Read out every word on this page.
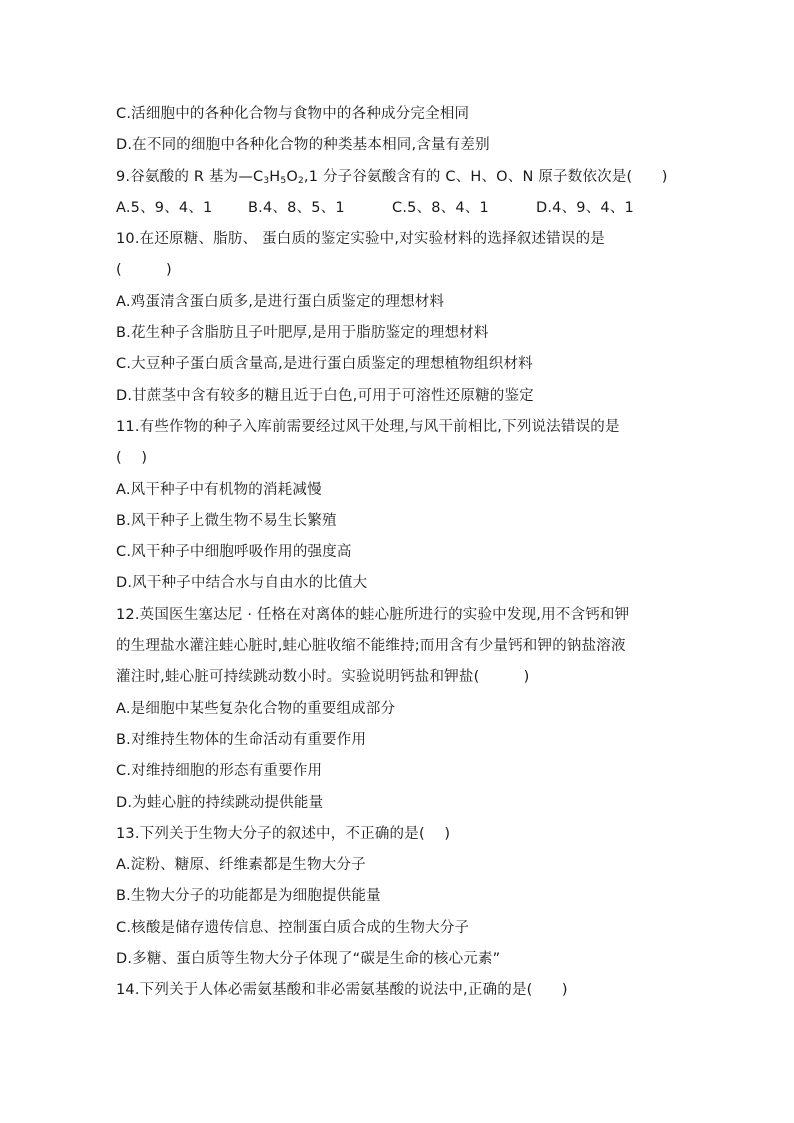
C.活细胞中的各种化合物与食物中的各种成分完全相同
D.在不同的细胞中各种化合物的种类基本相同,含量有差别
9.谷氨酸的 R 基为$—C_3H_5O_2,1$ 分子谷氨酸含有的 C、H、O、N 原子数依次是(　　)
A.5、9、4、1	B.4、8、5、1	C.5、8、4、1	D.4、9、4、1
10.在还原糖、脂肪、 蛋白质的鉴定实验中,对实验材料的选择叙述错误的是
(　　　)
A.鸡蛋清含蛋白质多,是进行蛋白质鉴定的理想材料
B.花生种子含脂肪且子叶肥厚,是用于脂肪鉴定的理想材料
C.大豆种子蛋白质含量高,是进行蛋白质鉴定的理想植物组织材料
D.甘蔗茎中含有较多的糖且近于白色,可用于可溶性还原糖的鉴定
11.有些作物的种子入库前需要经过风干处理,与风干前相比,下列说法错误的是
(　 )
A.风干种子中有机物的消耗减慢
B.风干种子上微生物不易生长繁殖
C.风干种子中细胞呼吸作用的强度高
D.风干种子中结合水与自由水的比值大
12.英国医生塞达尼 · 任格在对离体的蛙心脏所进行的实验中发现,用不含钙和钾
的生理盐水灌注蛙心脏时,蛙心脏收缩不能维持;而用含有少量钙和钾的钠盐溶液
灌注时,蛙心脏可持续跳动数小时。实验说明钙盐和钾盐(　　　)
A.是细胞中某些复杂化合物的重要组成部分
B.对维持生物体的生命活动有重要作用
C.对维持细胞的形态有重要作用
D.为蛙心脏的持续跳动提供能量
13.下列关于生物大分子的叙述中，不正确的是(　 )
A.淀粉、糖原、纤维素都是生物大分子
B.生物大分子的功能都是为细胞提供能量
C.核酸是储存遗传信息、控制蛋白质合成的生物大分子
D.多糖、蛋白质等生物大分子体现了“碳是生命的核心元素”
14.下列关于人体必需氨基酸和非必需氨基酸的说法中,正确的是(　　)
